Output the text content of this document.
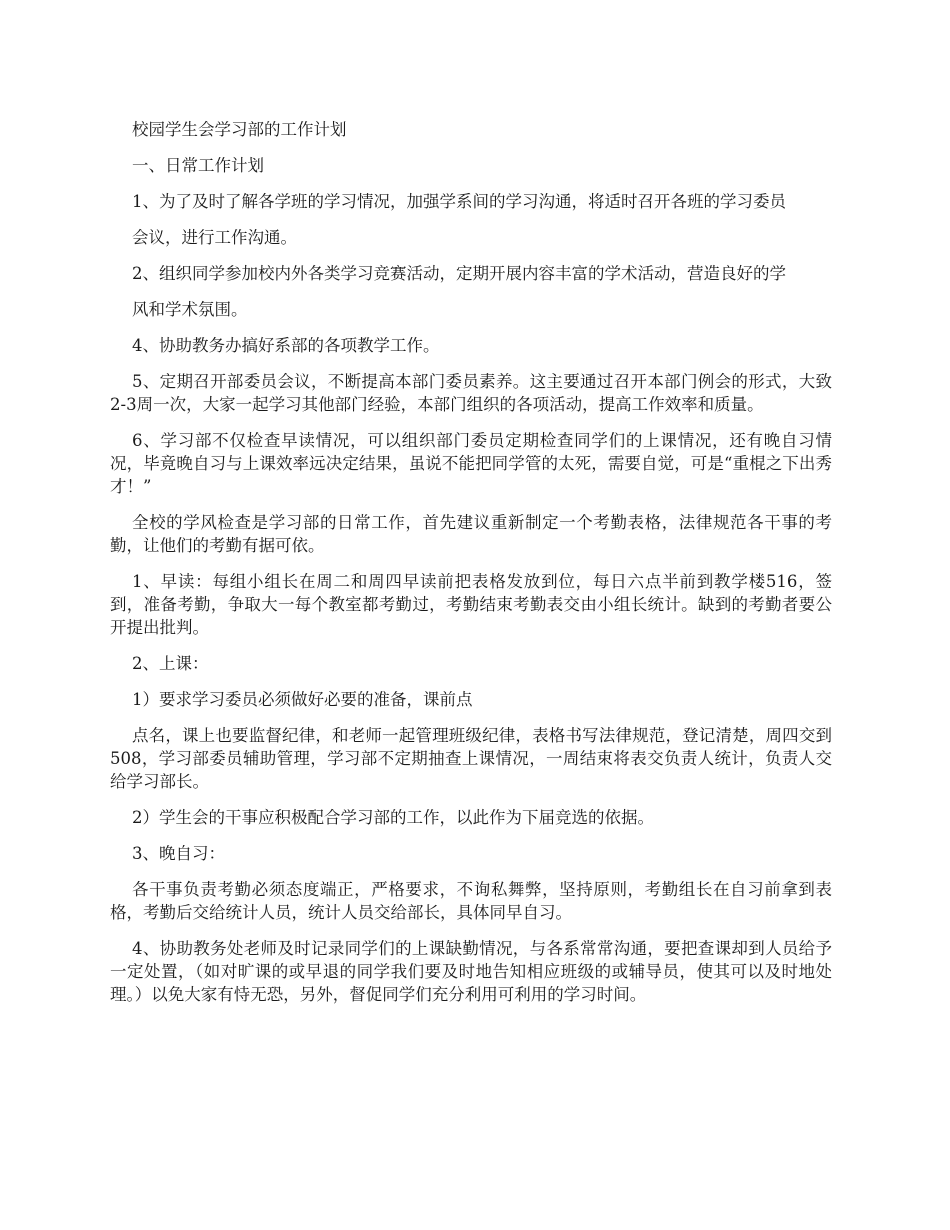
校园学生会学习部的工作计划

一、日常工作计划

1、为了及时了解各学班的学习情况，加强学系间的学习沟通，将适时召开各班的学习委员

会议，进行工作沟通。

2、组织同学参加校内外各类学习竞赛活动，定期开展内容丰富的学术活动，营造良好的学

风和学术氛围。

4、协助教务办搞好系部的各项教学工作。

5、定期召开部委员会议，不断提高本部门委员素养。这主要通过召开本部门例会的形式，大致2-3周一次，大家一起学习其他部门经验，本部门组织的各项活动，提高工作效率和质量。

6、学习部不仅检查早读情况，可以组织部门委员定期检查同学们的上课情况，还有晚自习情况，毕竟晚自习与上课效率远决定结果，虽说不能把同学管的太死，需要自觉，可是“重棍之下出秀才！”

全校的学风检查是学习部的日常工作，首先建议重新制定一个考勤表格，法律规范各干事的考勤，让他们的考勤有据可依。

1、早读：每组小组长在周二和周四早读前把表格发放到位，每日六点半前到教学楼516，签到，准备考勤，争取大一每个教室都考勤过，考勤结束考勤表交由小组长统计。缺到的考勤者要公开提出批判。

2、上课：

1）要求学习委员必须做好必要的准备，课前点

点名，课上也要监督纪律，和老师一起管理班级纪律，表格书写法律规范，登记清楚，周四交到508，学习部委员辅助管理，学习部不定期抽查上课情况，一周结束将表交负责人统计，负责人交给学习部长。

2）学生会的干事应积极配合学习部的工作，以此作为下届竞选的依据。

3、晚自习：

各干事负责考勤必须态度端正，严格要求，不询私舞弊，坚持原则，考勤组长在自习前拿到表格，考勤后交给统计人员，统计人员交给部长，具体同早自习。

4、协助教务处老师及时记录同学们的上课缺勤情况，与各系常常沟通，要把查课却到人员给予一定处置，（如对旷课的或早退的同学我们要及时地告知相应班级的或辅导员，使其可以及时地处理。）以免大家有恃无恐，另外，督促同学们充分利用可利用的学习时间。
